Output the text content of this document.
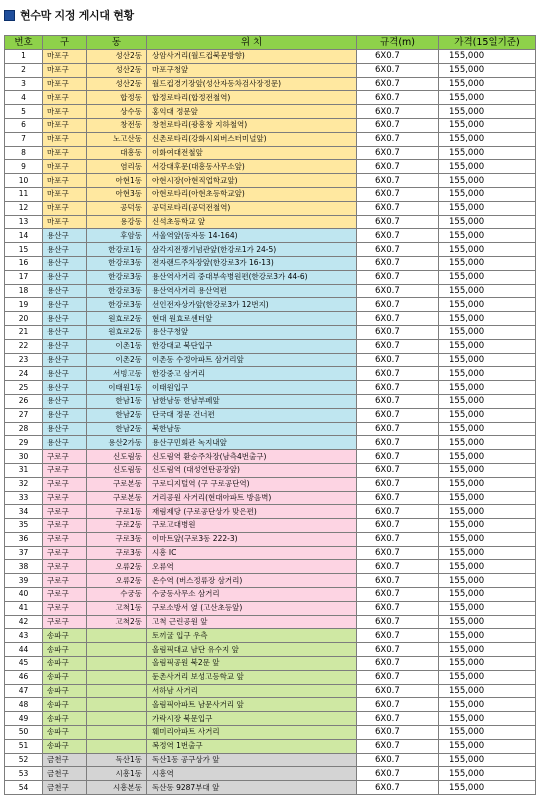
현수막 지정 게시대 현황
번호	구	동	위 치	규격(m)	가격(15일기준)
1	마포구	성산2동	상암사거리(월드컵북문방향)	6X0.7	155,000
2	마포구	성산2동	마포구청앞	6X0.7	155,000
3	마포구	성산2동	월드컵경기장앞(성산자동차검사장정문)	6X0.7	155,000
4	마포구	합정동	합정로타리(합정전철역)	6X0.7	155,000
5	마포구	상수동	홍익대 정문앞	6X0.7	155,000
6	마포구	창전동	창천로타리(광흥창 지하철역)	6X0.7	155,000
7	마포구	노고산동	신촌로타리(강화시외버스터미널앞)	6X0.7	155,000
8	마포구	대흥동	이화여대전철앞	6X0.7	155,000
9	마포구	염리동	서강대후문(대흥동사무소앞)	6X0.7	155,000
10	마포구	아현1동	아현시장(아현직업학교앞)	6X0.7	155,000
11	마포구	아현3동	아현로타리(아현초등학교앞)	6X0.7	155,000
12	마포구	공덕동	공덕로타리(공덕전철역)	6X0.7	155,000
13	마포구	용강동	신석초등학교 앞	6X0.7	155,000
14	용산구	후암동	서울역앞(동자동 14-164)	6X0.7	155,000
15	용산구	한강로1동	삼각지전쟁기념관앞(한강로1가 24-5)	6X0.7	155,000
16	용산구	한강로3동	전자랜드주차장앞(한강로3가 16-13)	6X0.7	155,000
17	용산구	한강로3동	용산역사거리 중대부속병원편(한강로3가 44-6)	6X0.7	155,000
18	용산구	한강로3동	용산역사거리 용산역편	6X0.7	155,000
19	용산구	한강로3동	선인전자상가앞(한강로3가 12번지)	6X0.7	155,000
20	용산구	원효로2동	현대 원효로센터앞	6X0.7	155,000
21	용산구	원효로2동	용산구청앞	6X0.7	155,000
22	용산구	이촌1동	한강대교 북단입구	6X0.7	155,000
23	용산구	이촌2동	이촌동 수정아파트 삼거리앞	6X0.7	155,000
24	용산구	서빙고동	한강중고 삼거리	6X0.7	155,000
25	용산구	이태원1동	이태원입구	6X0.7	155,000
26	용산구	한남1동	남한남동 한남부페앞	6X0.7	155,000
27	용산구	한남2동	단국대 정문 건너편	6X0.7	155,000
28	용산구	한남2동	북한남동	6X0.7	155,000
29	용산구	용산2가동	용산구민회관 녹지내앞	6X0.7	155,000
30	구로구	신도림동	신도림역 환승주차장(남측4번출구)	6X0.7	155,000
31	구로구	신도림동	신도림역 (대성연탄공장앞)	6X0.7	155,000
32	구로구	구로본동	구로디지털역 (구 구로공단역)	6X0.7	155,000
33	구로구	구로본동	거리공원 사거리(현대아파트 방음벽)	6X0.7	155,000
34	구로구	구로1동	재림제당 (구로공단상가 맞은편)	6X0.7	155,000
35	구로구	구로2동	구로고대병원	6X0.7	155,000
36	구로구	구로3동	이마트앞(구로3동 222-3)	6X0.7	155,000
37	구로구	구로3동	시흥 IC	6X0.7	155,000
38	구로구	오류2동	오류역	6X0.7	155,000
39	구로구	오류2동	온수역 (버스정류장 삼거리)	6X0.7	155,000
40	구로구	수궁동	수궁동사무소 삼거리	6X0.7	155,000
41	구로구	고척1동	구로소방서 옆 (고산초등앞)	6X0.7	155,000
42	구로구	고척2동	고척 근린공원 앞	6X0.7	155,000
43	송파구		토끼굴 입구 우측	6X0.7	155,000
44	송파구		올림픽대교 남단 유수지 앞	6X0.7	155,000
45	송파구		올림픽공원 북2문 앞	6X0.7	155,000
46	송파구		둔촌사거리 보성고등학교 앞	6X0.7	155,000
47	송파구		서하남 사거리	6X0.7	155,000
48	송파구		올림픽아파트 남문사거리 앞	6X0.7	155,000
49	송파구		가락시장 북문입구	6X0.7	155,000
50	송파구		훼미리아파트 사거리	6X0.7	155,000
51	송파구		복정역 1번출구	6X0.7	155,000
52	금천구	독산1동	독산1동 공구상가 앞	6X0.7	155,000
53	금천구	시흥1동	시흥역	6X0.7	155,000
54	금천구	시흥본동	독산동 9287부대 앞	6X0.7	155,000
